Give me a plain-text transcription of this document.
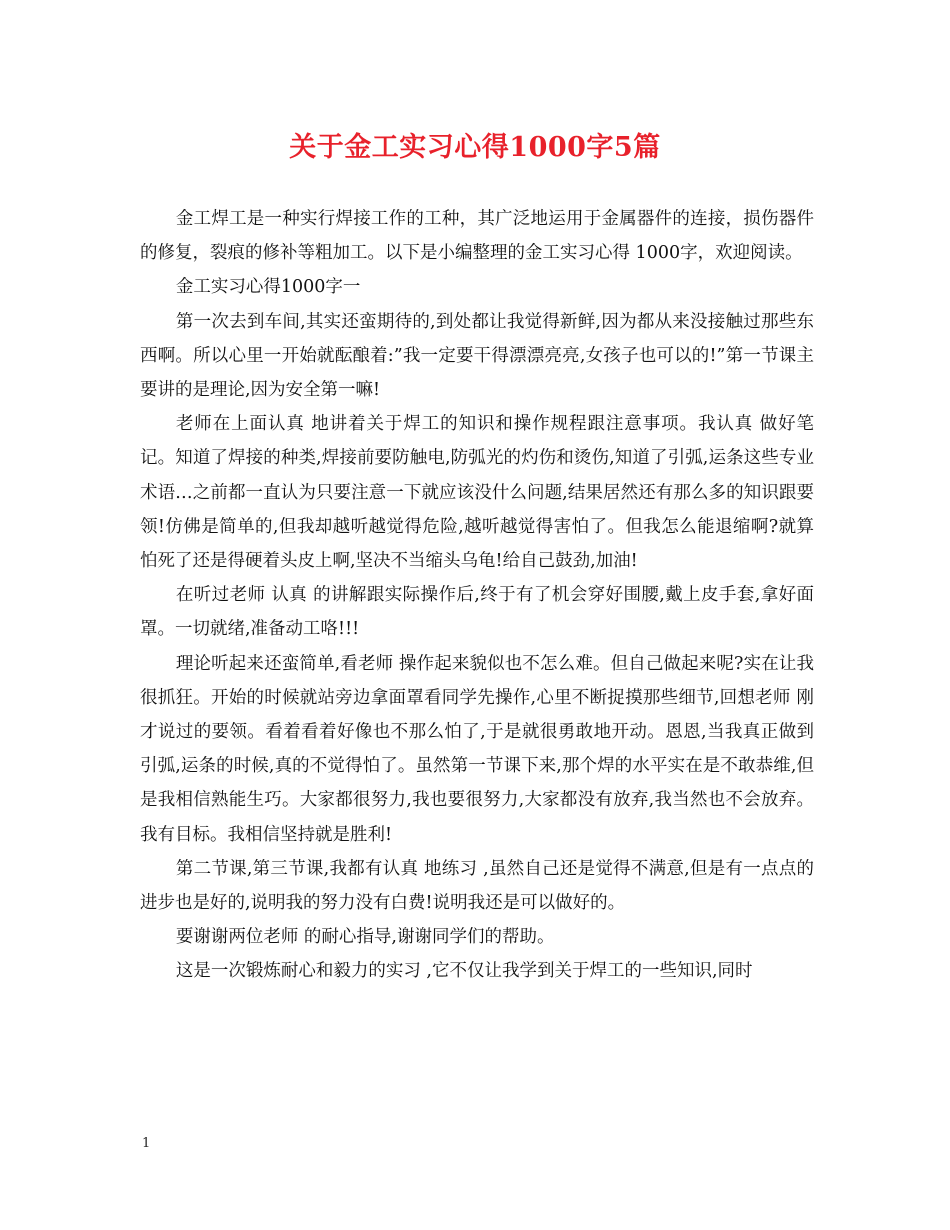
关于金工实习心得1000字5篇

金工焊工是一种实行焊接工作的工种，其广泛地运用于金属器件的连接，损伤器件的修复，裂痕的修补等粗加工。以下是小编整理的金工实习心得 1000字，欢迎阅读。

金工实习心得1000字一

第一次去到车间,其实还蛮期待的,到处都让我觉得新鲜,因为都从来没接触过那些东西啊。所以心里一开始就酝酿着:”我一定要干得漂漂亮亮,女孩子也可以的!”第一节课主要讲的是理论,因为安全第一嘛!

老师在上面认真 地讲着关于焊工的知识和操作规程跟注意事项。我认真 做好笔记。知道了焊接的种类,焊接前要防触电,防弧光的灼伤和烫伤,知道了引弧,运条这些专业术语…之前都一直认为只要注意一下就应该没什么问题,结果居然还有那么多的知识跟要领!仿佛是简单的,但我却越听越觉得危险,越听越觉得害怕了。但我怎么能退缩啊?就算怕死了还是得硬着头皮上啊,坚决不当缩头乌龟!给自己鼓劲,加油!

在听过老师 认真 的讲解跟实际操作后,终于有了机会穿好围腰,戴上皮手套,拿好面罩。一切就绪,准备动工咯!!!

理论听起来还蛮简单,看老师 操作起来貌似也不怎么难。但自己做起来呢?实在让我很抓狂。开始的时候就站旁边拿面罩看同学先操作,心里不断捉摸那些细节,回想老师 刚才说过的要领。看着看着好像也不那么怕了,于是就很勇敢地开动。恩恩,当我真正做到引弧,运条的时候,真的不觉得怕了。虽然第一节课下来,那个焊的水平实在是不敢恭维,但是我相信熟能生巧。大家都很努力,我也要很努力,大家都没有放弃,我当然也不会放弃。我有目标。我相信坚持就是胜利!

第二节课,第三节课,我都有认真 地练习 ,虽然自己还是觉得不满意,但是有一点点的进步也是好的,说明我的努力没有白费!说明我还是可以做好的。

要谢谢两位老师 的耐心指导,谢谢同学们的帮助。

这是一次锻炼耐心和毅力的实习 ,它不仅让我学到关于焊工的一些知识,同时

1
